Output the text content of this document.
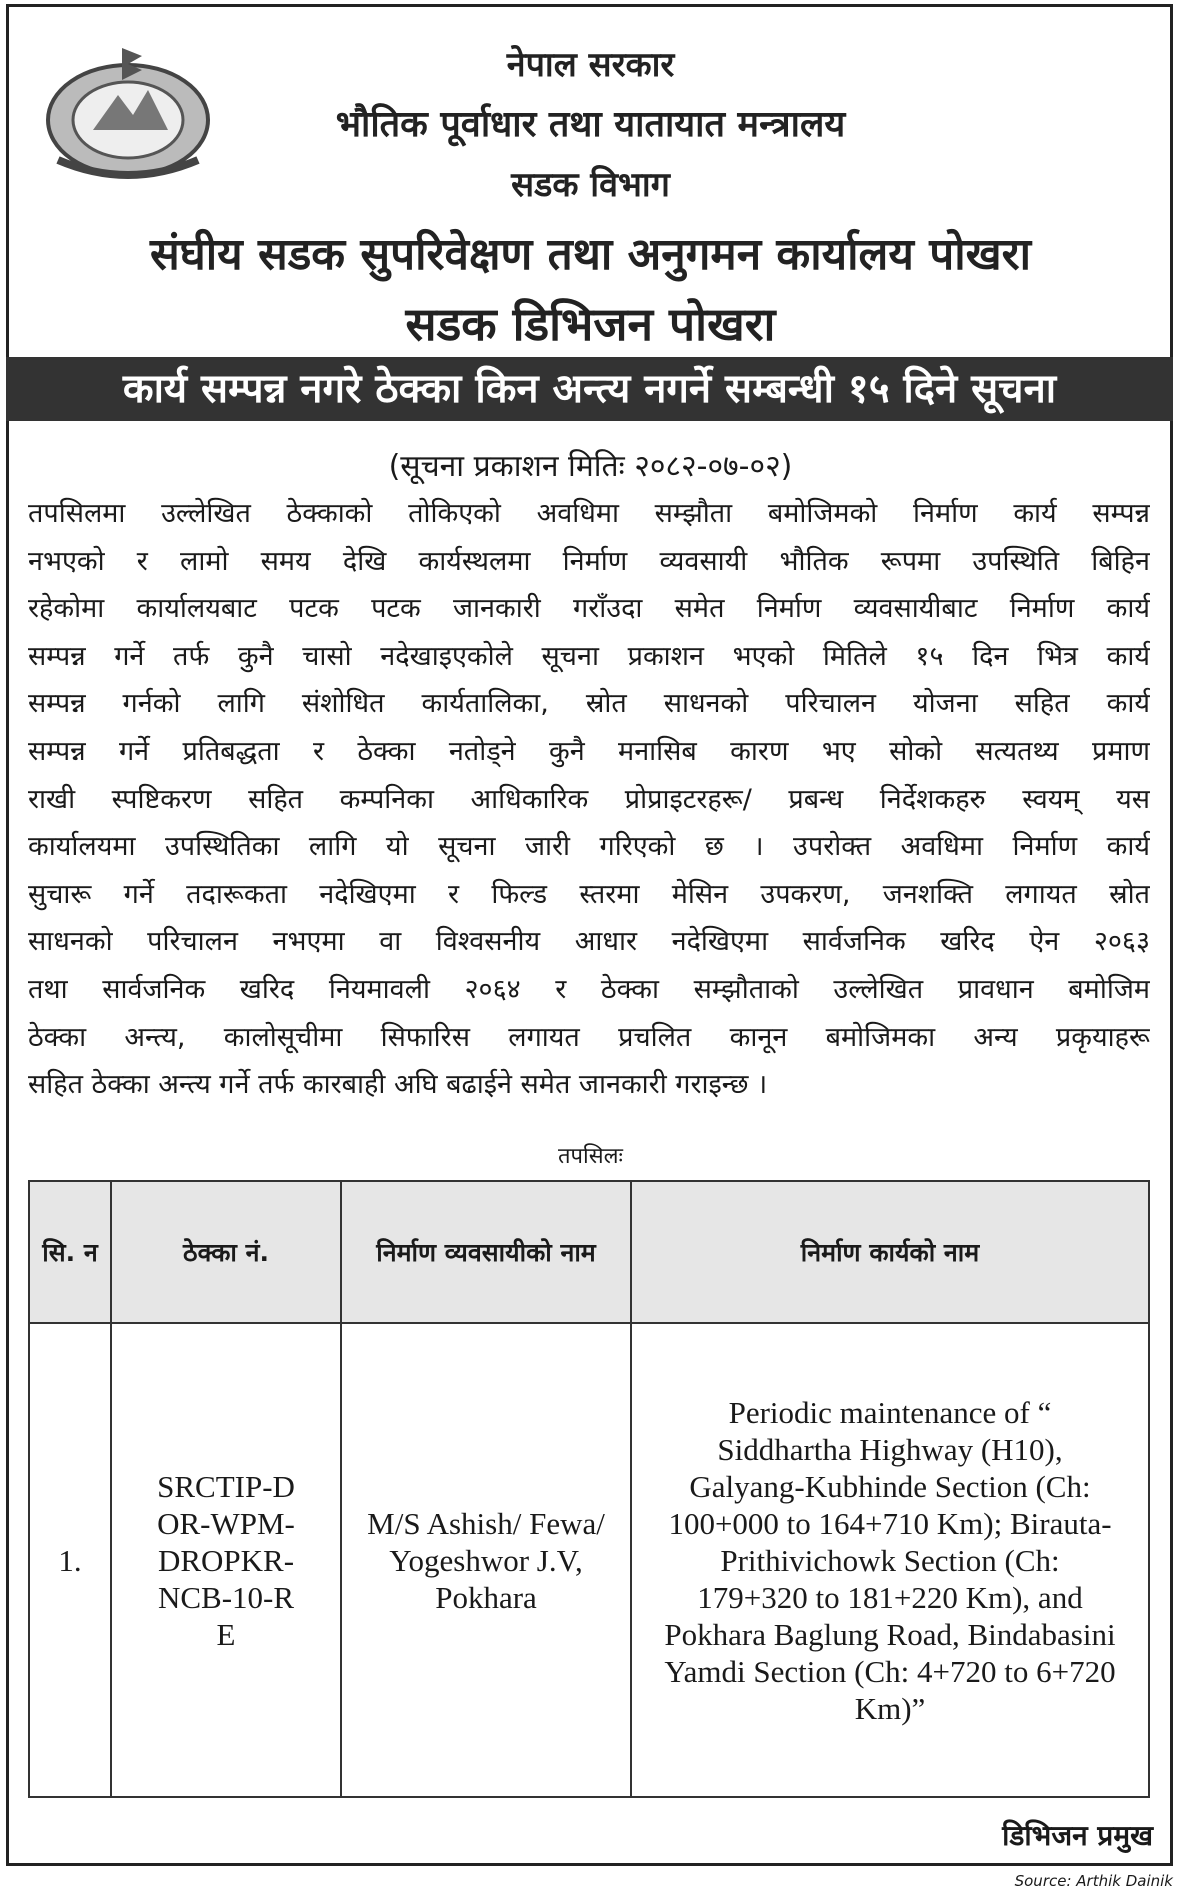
नेपाल सरकार
भौतिक पूर्वाधार तथा यातायात मन्त्रालय
सडक विभाग
संघीय सडक सुपरिवेक्षण तथा अनुगमन कार्यालय पोखरा
सडक डिभिजन पोखरा
कार्य सम्पन्न नगरे ठेक्का किन अन्त्य नगर्ने सम्बन्धी १५ दिने सूचना
(सूचना प्रकाशन मितिः २०८२-०७-०२)
तपसिलमा उल्लेखित ठेक्काको तोकिएको अवधिमा सम्झौता बमोजिमको निर्माण कार्य सम्पन्न
नभएको र लामो समय देखि कार्यस्थलमा निर्माण व्यवसायी भौतिक रूपमा उपस्थिति बिहिन
रहेकोमा कार्यालयबाट पटक पटक जानकारी गराँउदा समेत निर्माण व्यवसायीबाट निर्माण कार्य
सम्पन्न गर्ने तर्फ कुनै चासो नदेखाइएकोले सूचना प्रकाशन भएको मितिले १५ दिन भित्र कार्य
सम्पन्न गर्नको लागि संशोधित कार्यतालिका, स्रोत साधनको परिचालन योजना सहित कार्य
सम्पन्न गर्ने प्रतिबद्धता र ठेक्का नतोड्ने कुनै मनासिब कारण भए सोको सत्यतथ्य प्रमाण
राखी स्पष्टिकरण सहित कम्पनिका आधिकारिक प्रोप्राइटरहरू/ प्रबन्ध निर्देशकहरु स्वयम् यस
कार्यालयमा उपस्थितिका लागि यो सूचना जारी गरिएको छ । उपरोक्त अवधिमा निर्माण कार्य
सुचारू गर्ने तदारूकता नदेखिएमा र फिल्ड स्तरमा मेसिन उपकरण, जनशक्ति लगायत स्रोत
साधनको परिचालन नभएमा वा विश्वसनीय आधार नदेखिएमा सार्वजनिक खरिद ऐन २०६३
तथा सार्वजनिक खरिद नियमावली २०६४ र ठेक्का सम्झौताको उल्लेखित प्रावधान बमोजिम
ठेक्का अन्त्य, कालोसूचीमा सिफारिस लगायत प्रचलित कानून बमोजिमका अन्य प्रकृयाहरू
सहित ठेक्का अन्त्य गर्ने तर्फ कारबाही अघि बढाईने समेत जानकारी गराइन्छ ।
तपसिलः
सि. न	ठेक्का नं.	निर्माण व्यवसायीको नाम	निर्माण कार्यको नाम
1.	SRCTIP-DOR-WPM-DROPKR-NCB-10-RE	M/S Ashish/ Fewa/ Yogeshwor J.V, Pokhara	Periodic maintenance of “ Siddhartha Highway (H10), Galyang-Kubhinde Section (Ch: 100+000 to 164+710 Km); Birauta-Prithivichowk Section (Ch: 179+320 to 181+220 Km), and Pokhara Baglung Road, Bindabasini Yamdi Section (Ch: 4+720 to 6+720 Km)”
डिभिजन प्रमुख
Source: Arthik Dainik
